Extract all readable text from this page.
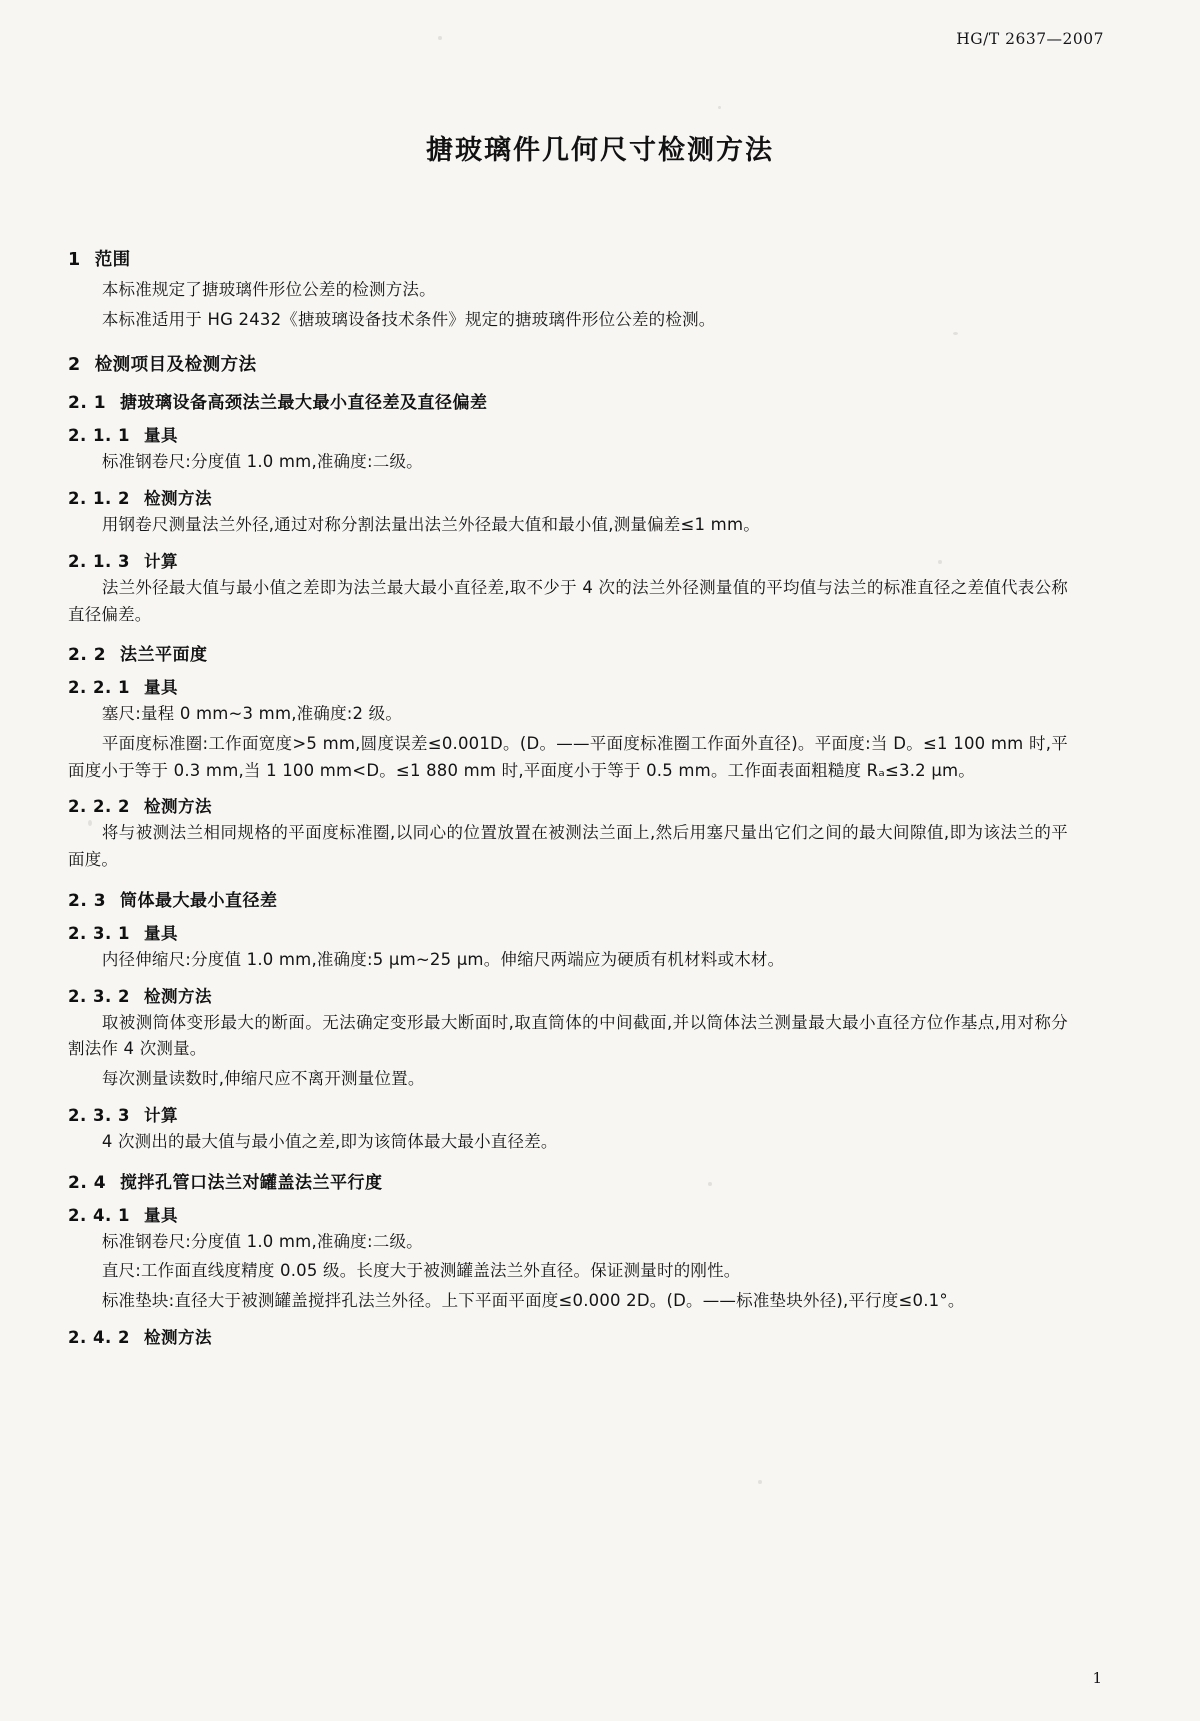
HG/T 2637—2007
搪玻璃件几何尺寸检测方法
1 范围

本标准规定了搪玻璃件形位公差的检测方法。

本标准适用于 HG 2432《搪玻璃设备技术条件》规定的搪玻璃件形位公差的检测。

2 检测项目及检测方法
2. 1 搪玻璃设备高颈法兰最大最小直径差及直径偏差
2. 1. 1 量具

标准钢卷尺:分度值 1.0 mm,准确度:二级。

2. 1. 2 检测方法

用钢卷尺测量法兰外径,通过对称分割法量出法兰外径最大值和最小值,测量偏差≤1 mm。

2. 1. 3 计算

法兰外径最大值与最小值之差即为法兰最大最小直径差,取不少于 4 次的法兰外径测量值的平均值与法兰的标准直径之差值代表公称直径偏差。

2. 2 法兰平面度
2. 2. 1 量具

塞尺:量程 0 mm~3 mm,准确度:2 级。

平面度标准圈:工作面宽度>5 mm,圆度误差≤0.001D。(D。——平面度标准圈工作面外直径)。平面度:当 D。≤1 100 mm 时,平面度小于等于 0.3 mm,当 1 100 mm<D。≤1 880 mm 时,平面度小于等于 0.5 mm。工作面表面粗糙度 Rₐ≤3.2 μm。

2. 2. 2 检测方法

将与被测法兰相同规格的平面度标准圈,以同心的位置放置在被测法兰面上,然后用塞尺量出它们之间的最大间隙值,即为该法兰的平面度。

2. 3 筒体最大最小直径差
2. 3. 1 量具

内径伸缩尺:分度值 1.0 mm,准确度:5 μm~25 μm。伸缩尺两端应为硬质有机材料或木材。

2. 3. 2 检测方法

取被测筒体变形最大的断面。无法确定变形最大断面时,取直筒体的中间截面,并以筒体法兰测量最大最小直径方位作基点,用对称分割法作 4 次测量。

每次测量读数时,伸缩尺应不离开测量位置。

2. 3. 3 计算

4 次测出的最大值与最小值之差,即为该筒体最大最小直径差。

2. 4 搅拌孔管口法兰对罐盖法兰平行度
2. 4. 1 量具

标准钢卷尺:分度值 1.0 mm,准确度:二级。

直尺:工作面直线度精度 0.05 级。长度大于被测罐盖法兰外直径。保证测量时的刚性。

标准垫块:直径大于被测罐盖搅拌孔法兰外径。上下平面平面度≤0.000 2D。(D。——标准垫块外径),平行度≤0.1°。

2. 4. 2 检测方法
1
